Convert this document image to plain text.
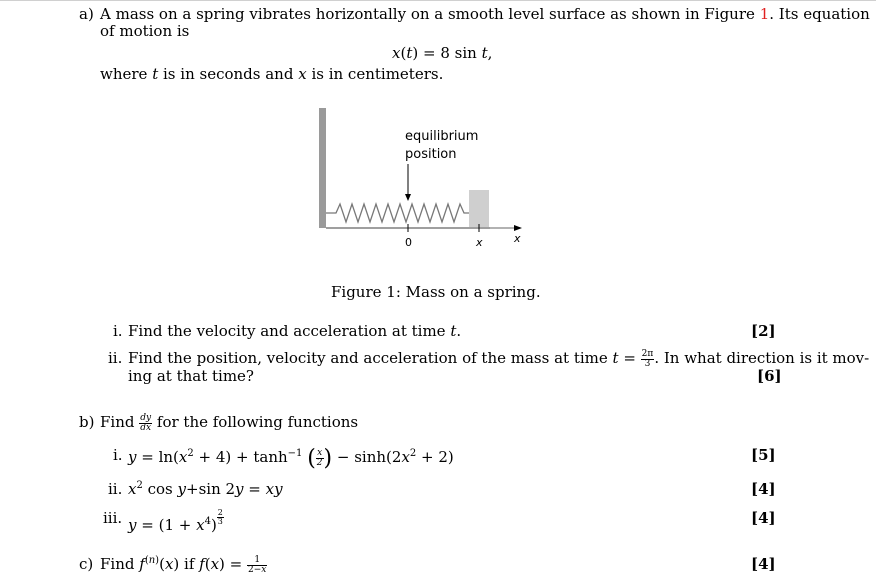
a) A mass on a spring vibrates horizontally on a smooth level surface as shown in Figure 1. Its equation
of motion is
x(t) = 8 sin t,
where t is in seconds and x is in centimeters.
equilibrium
position
0	x	x
Figure 1: Mass on a spring.
i. Find the velocity and acceleration at time t.	[2]
ii. Find the position, velocity and acceleration of the mass at time $t = \frac{2\pi}{3}$ . In what direction is it mov-
ing at that time?	[6]
b) Find $\frac{dy}{dx}$ for the following functions
i. $y = \ln(x^2 + 4) + \tanh^{-1}$ ( $\frac{x}{2}$ ) − $\sinh(2x^2 + 2)$	[5]
ii. $x^2$ cos y+sin 2y = xy	[4]
iii. $y = (1 + x^4) \frac{2}{3}$	[4]
c) Find $f^{(n)}(x)$ if $f(x) = \frac{1}{2-x}$	[4]
